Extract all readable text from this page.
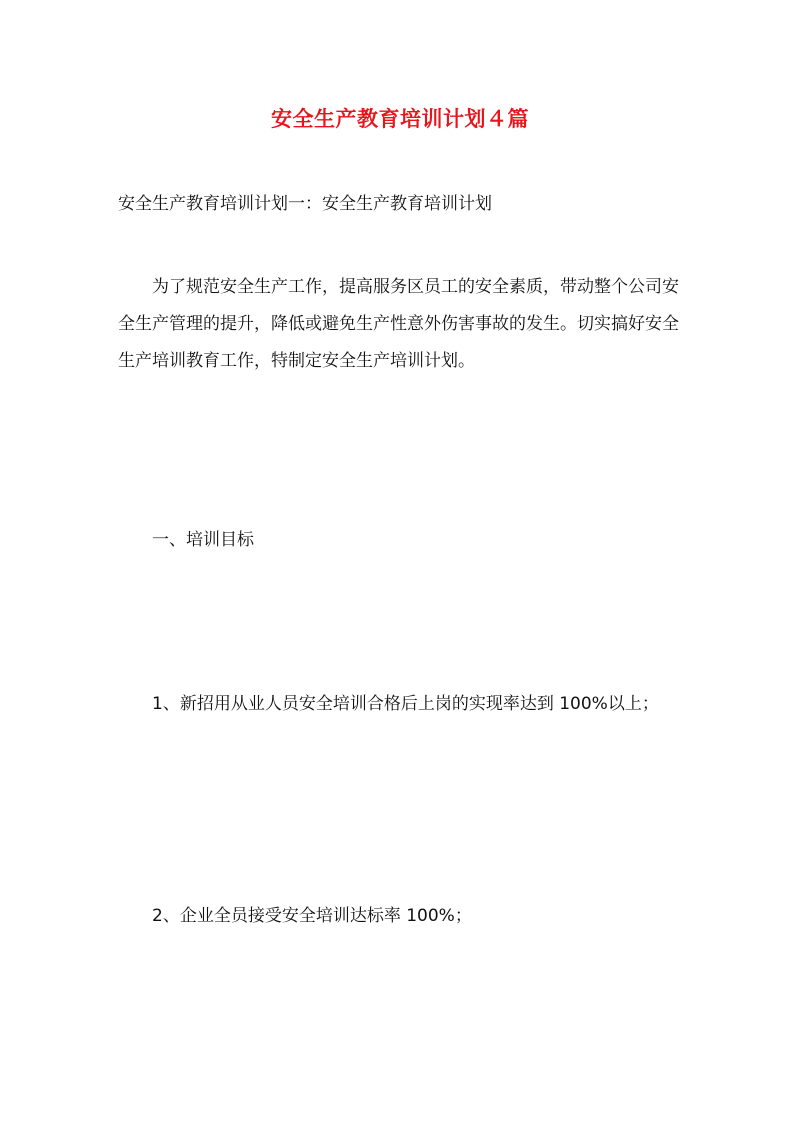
安全生产教育培训计划４篇
安全生产教育培训计划一：安全生产教育培训计划

为了规范安全生产工作，提高服务区员工的安全素质，带动整个公司安全生产管理的提升，降低或避免生产性意外伤害事故的发生。切实搞好安全生产培训教育工作，特制定安全生产培训计划。

一、培训目标

1、新招用从业人员安全培训合格后上岗的实现率达到 100%以上；

2、企业全员接受安全培训达标率 100%；
